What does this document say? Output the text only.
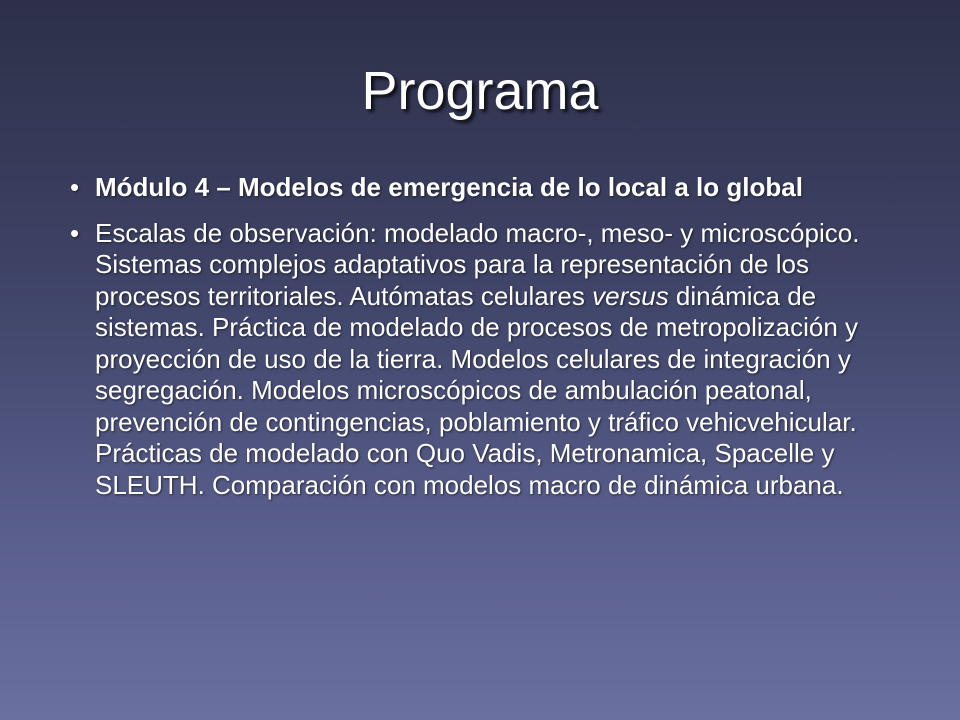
Programa
• Módulo 4 – Modelos de emergencia de lo local a lo global
• Escalas de observación: modelado macro-, meso- y microscópico. Sistemas complejos adaptativos para la representación de los procesos territoriales. Autómatas celulares versus dinámica de sistemas. Práctica de modelado de procesos de metropolización y proyección de uso de la tierra. Modelos celulares de integración y segregación. Modelos microscópicos de ambulación peatonal, prevención de contingencias, poblamiento y tráfico vehicvehicular. Prácticas de modelado con Quo Vadis, Metronamica, Spacelle y SLEUTH. Comparación con modelos macro de dinámica urbana.
